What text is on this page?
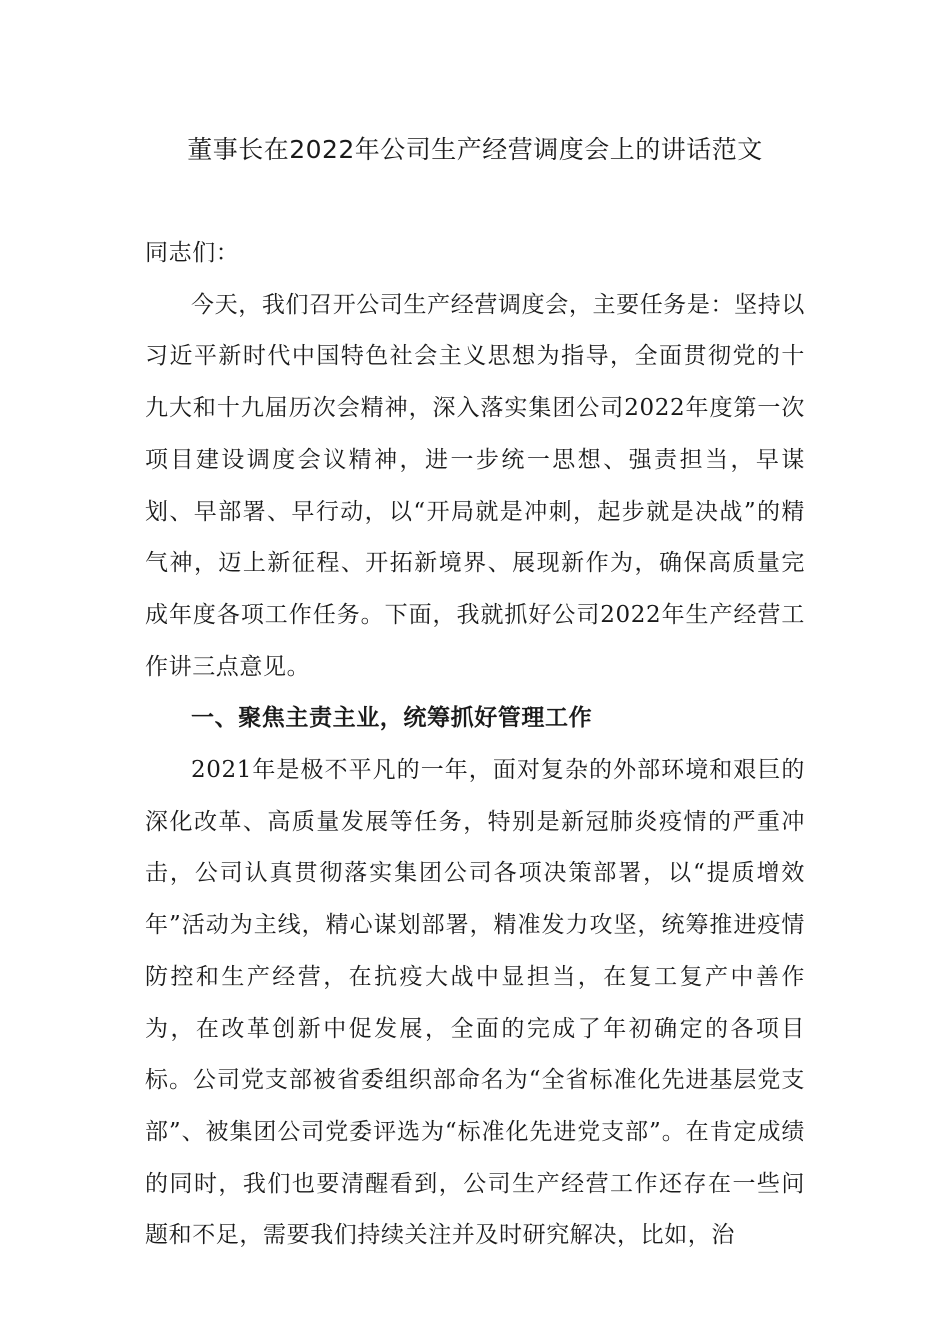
董事长在2022年公司生产经营调度会上的讲话范文

同志们：

今天，我们召开公司生产经营调度会，主要任务是：坚持以习近平新时代中国特色社会主义思想为指导，全面贯彻党的十九大和十九届历次会精神，深入落实集团公司2022年度第一次项目建设调度会议精神，进一步统一思想、强责担当，早谋划、早部署、早行动，以“开局就是冲刺，起步就是决战”的精气神，迈上新征程、开拓新境界、展现新作为，确保高质量完成年度各项工作任务。下面，我就抓好公司2022年生产经营工作讲三点意见。

一、聚焦主责主业，统筹抓好管理工作

2021年是极不平凡的一年，面对复杂的外部环境和艰巨的深化改革、高质量发展等任务，特别是新冠肺炎疫情的严重冲击，公司认真贯彻落实集团公司各项决策部署，以“提质增效年”活动为主线，精心谋划部署，精准发力攻坚，统筹推进疫情防控和生产经营，在抗疫大战中显担当，在复工复产中善作为，在改革创新中促发展，全面的完成了年初确定的各项目标。公司党支部被省委组织部命名为“全省标准化先进基层党支部”、被集团公司党委评选为“标准化先进党支部”。在肯定成绩的同时，我们也要清醒看到，公司生产经营工作还存在一些问题和不足，需要我们持续关注并及时研究解决，比如，治
